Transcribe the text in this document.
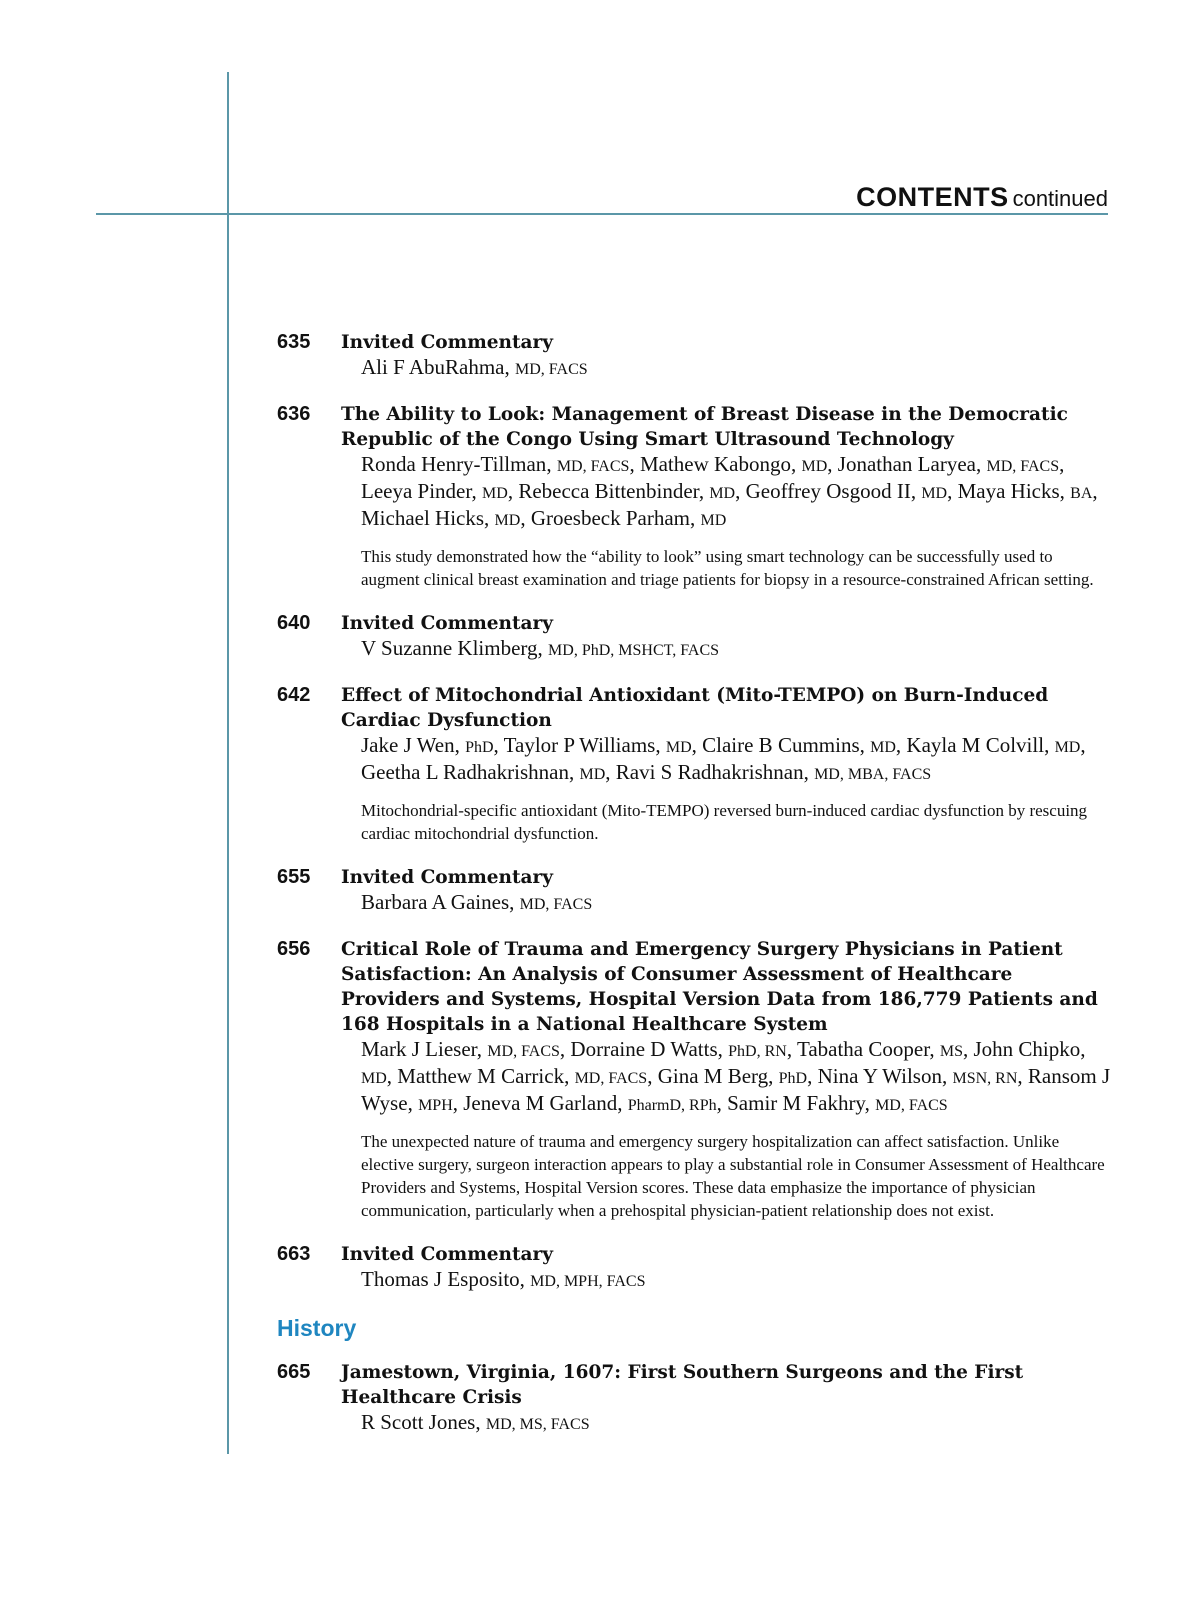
CONTENTS continued
635 Invited Commentary
Ali F AbuRahma, MD, FACS
636 The Ability to Look: Management of Breast Disease in the Democratic Republic of the Congo Using Smart Ultrasound Technology
Ronda Henry-Tillman, MD, FACS, Mathew Kabongo, MD, Jonathan Laryea, MD, FACS, Leeya Pinder, MD, Rebecca Bittenbinder, MD, Geoffrey Osgood II, MD, Maya Hicks, BA, Michael Hicks, MD, Groesbeck Parham, MD
This study demonstrated how the “ability to look” using smart technology can be successfully used to augment clinical breast examination and triage patients for biopsy in a resource-constrained African setting.
640 Invited Commentary
V Suzanne Klimberg, MD, PhD, MSHCT, FACS
642 Effect of Mitochondrial Antioxidant (Mito-TEMPO) on Burn-Induced Cardiac Dysfunction
Jake J Wen, PhD, Taylor P Williams, MD, Claire B Cummins, MD, Kayla M Colvill, MD, Geetha L Radhakrishnan, MD, Ravi S Radhakrishnan, MD, MBA, FACS
Mitochondrial-specific antioxidant (Mito-TEMPO) reversed burn-induced cardiac dysfunction by rescuing cardiac mitochondrial dysfunction.
655 Invited Commentary
Barbara A Gaines, MD, FACS
656 Critical Role of Trauma and Emergency Surgery Physicians in Patient Satisfaction: An Analysis of Consumer Assessment of Healthcare Providers and Systems, Hospital Version Data from 186,779 Patients and 168 Hospitals in a National Healthcare System
Mark J Lieser, MD, FACS, Dorraine D Watts, PhD, RN, Tabatha Cooper, MS, John Chipko, MD, Matthew M Carrick, MD, FACS, Gina M Berg, PhD, Nina Y Wilson, MSN, RN, Ransom J Wyse, MPH, Jeneva M Garland, PharmD, RPh, Samir M Fakhry, MD, FACS
The unexpected nature of trauma and emergency surgery hospitalization can affect satisfaction. Unlike elective surgery, surgeon interaction appears to play a substantial role in Consumer Assessment of Healthcare Providers and Systems, Hospital Version scores. These data emphasize the importance of physician communication, particularly when a prehospital physician-patient relationship does not exist.
663 Invited Commentary
Thomas J Esposito, MD, MPH, FACS
History
665 Jamestown, Virginia, 1607: First Southern Surgeons and the First Healthcare Crisis
R Scott Jones, MD, MS, FACS
